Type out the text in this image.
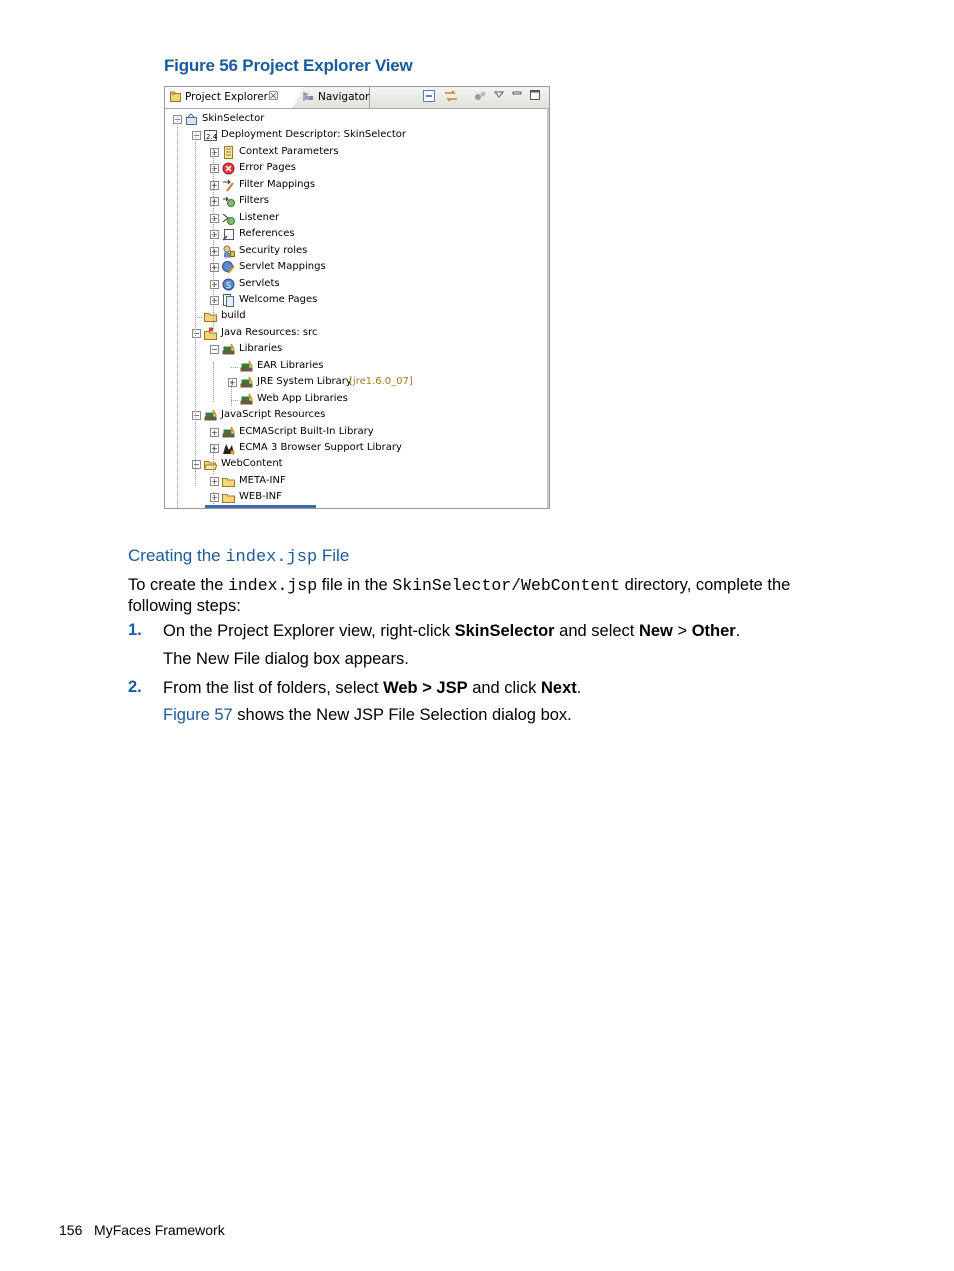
Figure 56 Project Explorer View
Project Explorer ☒	Navigator
− SkinSelector
− 2.4 Deployment Descriptor: SkinSelector
+ Context Parameters
+ Error Pages
+ Filter Mappings
+ Filters
+ Listener
+ References
+ Security roles
+ Servlet Mappings
+ S Servlets
+ Welcome Pages
build
− Java Resources: src
− Libraries
EAR Libraries
+ JRE System Library
[jre1.6.0_07]
Web App Libraries
− JavaScript Resources
+ ECMAScript Built-In Library
+ ECMA 3 Browser Support Library
− WebContent
+ META-INF
+ WEB-INF
Creating the index.jsp File
To create the index.jsp file in the SkinSelector/WebContent directory, complete the
following steps:
1. On the Project Explorer view, right-click SkinSelector and select New > Other.
The New File dialog box appears.
2. From the list of folders, select Web > JSP and click Next.
Figure 57 shows the New JSP File Selection dialog box.
156 MyFaces Framework
